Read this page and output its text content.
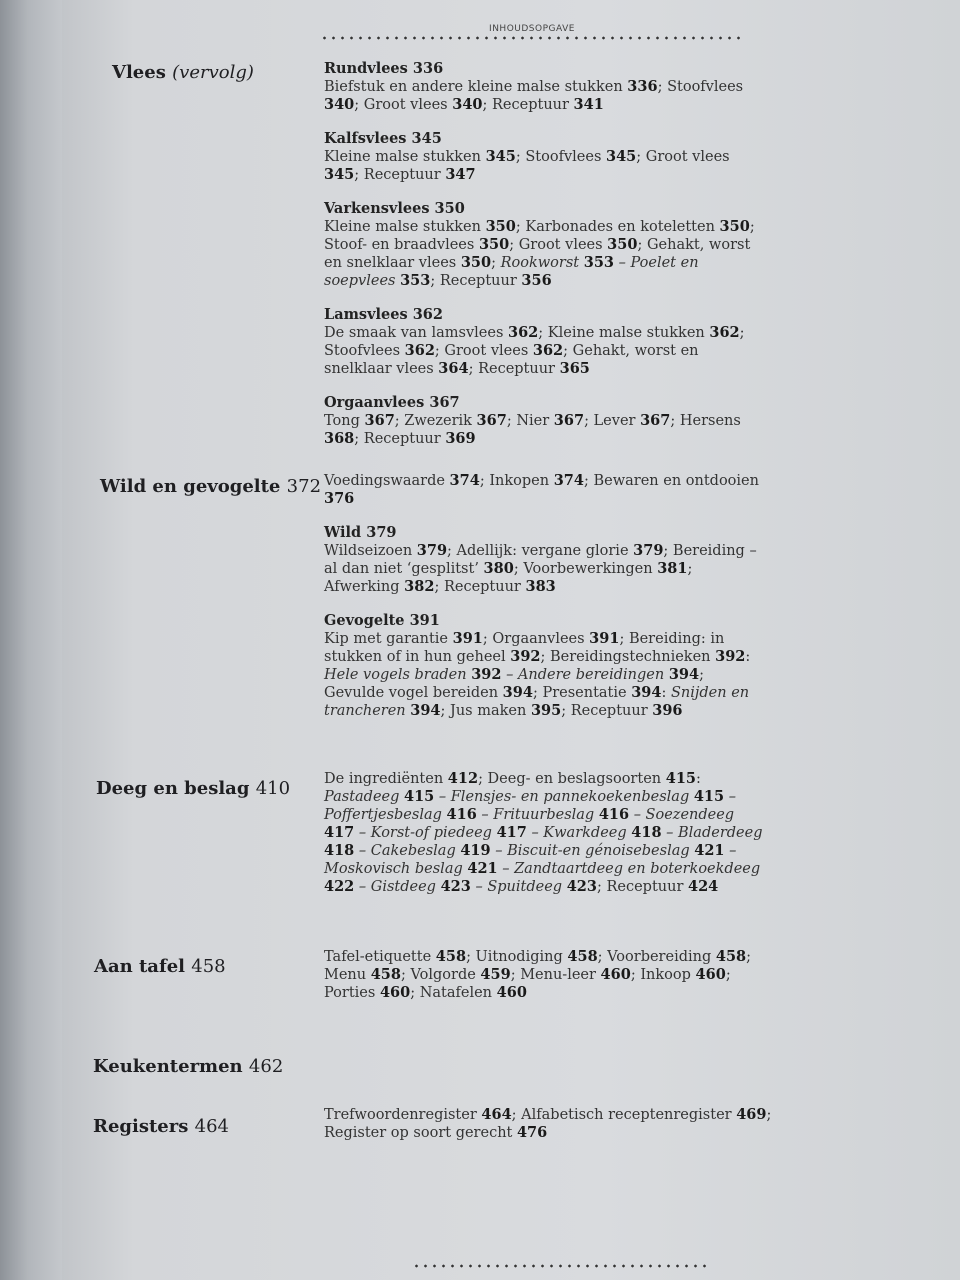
INHOUDSOPGAVE
Vlees (vervolg)	Rundvlees 336
Biefstuk en andere kleine malse stukken 336; Stoofvlees 340; Groot vlees 340; Receptuur 341
Kalfsvlees 345
Kleine malse stukken 345; Stoofvlees 345; Groot vlees 345; Receptuur 347
Varkensvlees 350
Kleine malse stukken 350; Karbonades en koteletten 350; Stoof- en braadvlees 350; Groot vlees 350; Gehakt, worst en snelklaar vlees 350; Rookworst 353 – Poelet en soepvlees 353; Receptuur 356
Lamsvlees 362
De smaak van lamsvlees 362; Kleine malse stukken 362; Stoofvlees 362; Groot vlees 362; Gehakt, worst en snelklaar vlees 364; Receptuur 365
Orgaanvlees 367
Tong 367; Zwezerik 367; Nier 367; Lever 367; Hersens 368; Receptuur 369
Wild en gevogelte 372 Voedingswaarde 374; Inkopen 374; Bewaren en ontdooien 376
Wild 379
Wildseizoen 379; Adellijk: vergane glorie 379; Bereiding – al dan niet ‘gesplitst’ 380; Voorbewerkingen 381; Afwerking 382; Receptuur 383
Gevogelte 391
Kip met garantie 391; Orgaanvlees 391; Bereiding: in stukken of in hun geheel 392; Bereidingstechnieken 392: Hele vogels braden 392 – Andere bereidingen 394; Gevulde vogel bereiden 394; Presentatie 394: Snijden en trancheren 394; Jus maken 395; Receptuur 396
Deeg en beslag 410 De ingrediënten 412; Deeg- en beslagsoorten 415: Pastadeeg 415 – Flensjes- en pannekoekenbeslag 415 – Poffertjesbeslag 416 – Frituurbeslag 416 – Soezendeeg 417 – Korst-of piedeeg 417 – Kwarkdeeg 418 – Bladerdeeg 418 – Cakebeslag 419 – Biscuit-en génoisebeslag 421 – Moskovisch beslag 421 – Zandtaartdeeg en boterkoekdeeg 422 – Gistdeeg 423 – Spuitdeeg 423; Receptuur 424
Aan tafel 458	Tafel-etiquette 458; Uitnodiging 458; Voorbereiding 458; Menu 458; Volgorde 459; Menu-leer 460; Inkoop 460; Porties 460; Natafelen 460
Keukentermen 462
Registers 464
Trefwoordenregister 464; Alfabetisch receptenregister 469; Register op soort gerecht 476
